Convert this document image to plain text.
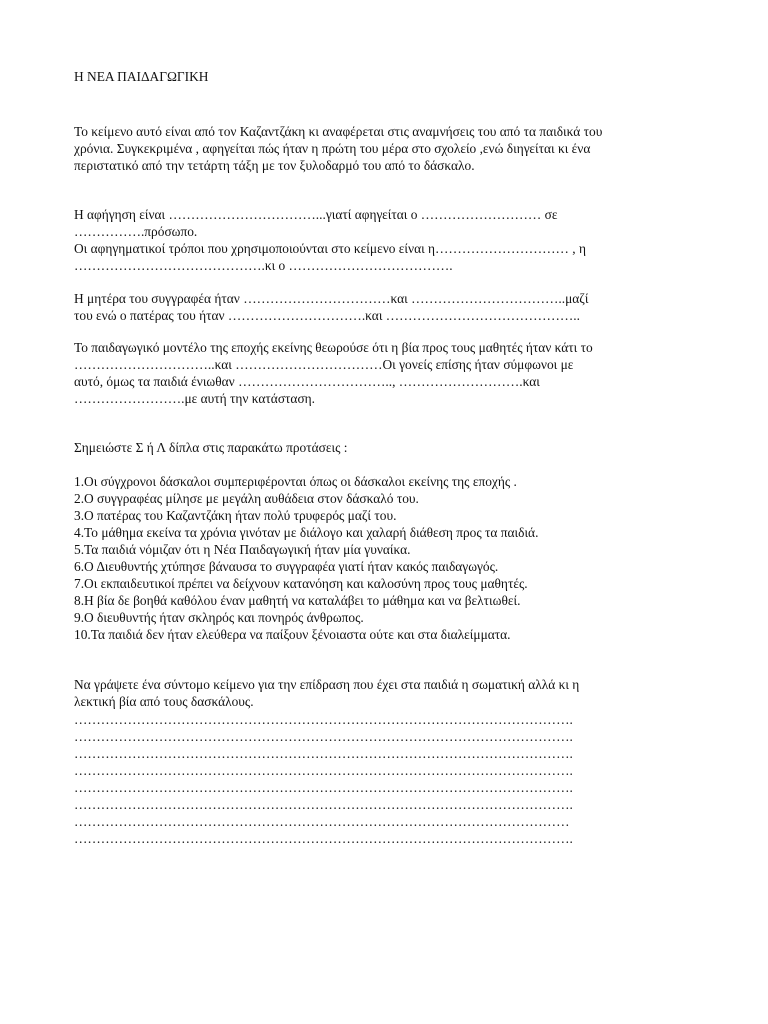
Η ΝΕΑ ΠΑΙΔΑΓΩΓΙΚΗ
Το κείμενο αυτό είναι από τον Καζαντζάκη κι αναφέρεται στις αναμνήσεις του από τα παιδικά του
χρόνια. Συγκεκριμένα , αφηγείται πώς ήταν η πρώτη του μέρα στο σχολείο ,ενώ διηγείται κι ένα
περιστατικό από την τετάρτη τάξη με τον ξυλοδαρμό του από το δάσκαλο.
Η αφήγηση είναι ……………………………...γιατί αφηγείται ο ……………………… σε
…………….πρόσωπο.
Οι αφηγηματικοί τρόποι που χρησιμοποιούνται στο κείμενο είναι η………………………… , η
…………………………………….κι ο ……………………………….
Η μητέρα του συγγραφέα ήταν ……………………………και ……………………………..μαζί
του ενώ ο πατέρας του ήταν ………………………….και ……………………………………..
Το παιδαγωγικό μοντέλο της εποχής εκείνης θεωρούσε ότι η βία προς τους μαθητές ήταν κάτι το
…………………………..και ……………………………Οι γονείς επίσης ήταν σύμφωνοι με
αυτό, όμως τα παιδιά ένιωθαν …………………………….., ……………………….και
…………………….με αυτή την κατάσταση.
Σημειώστε Σ ή Λ δίπλα στις παρακάτω προτάσεις :
1.Οι σύγχρονοι δάσκαλοι συμπεριφέρονται όπως οι δάσκαλοι εκείνης της εποχής .
2.Ο συγγραφέας μίλησε με μεγάλη αυθάδεια στον δάσκαλό του.
3.Ο πατέρας του Καζαντζάκη ήταν πολύ τρυφερός μαζί του.
4.Το μάθημα εκείνα τα χρόνια γινόταν με διάλογο και χαλαρή διάθεση προς τα παιδιά.
5.Τα παιδιά νόμιζαν ότι η Νέα Παιδαγωγική ήταν μία γυναίκα.
6.Ο Διευθυντής χτύπησε βάναυσα το συγγραφέα γιατί ήταν κακός παιδαγωγός.
7.Οι εκπαιδευτικοί πρέπει να δείχνουν κατανόηση και καλοσύνη προς τους μαθητές.
8.Η βία δε βοηθά καθόλου έναν μαθητή να καταλάβει το μάθημα και να βελτιωθεί.
9.Ο διευθυντής ήταν σκληρός και πονηρός άνθρωπος.
10.Τα παιδιά δεν ήταν ελεύθερα να παίξουν ξένοιαστα ούτε και στα διαλείμματα.
Να γράψετε ένα σύντομο κείμενο για την επίδραση που έχει στα παιδιά η σωματική αλλά κι η
λεκτική βία από τους δασκάλους.
………………………………………………………………………………………………….
………………………………………………………………………………………………….
………………………………………………………………………………………………….
………………………………………………………………………………………………….
………………………………………………………………………………………………….
………………………………………………………………………………………………….
…………………………………………………………………………………………………
………………………………………………………………………………………………….
